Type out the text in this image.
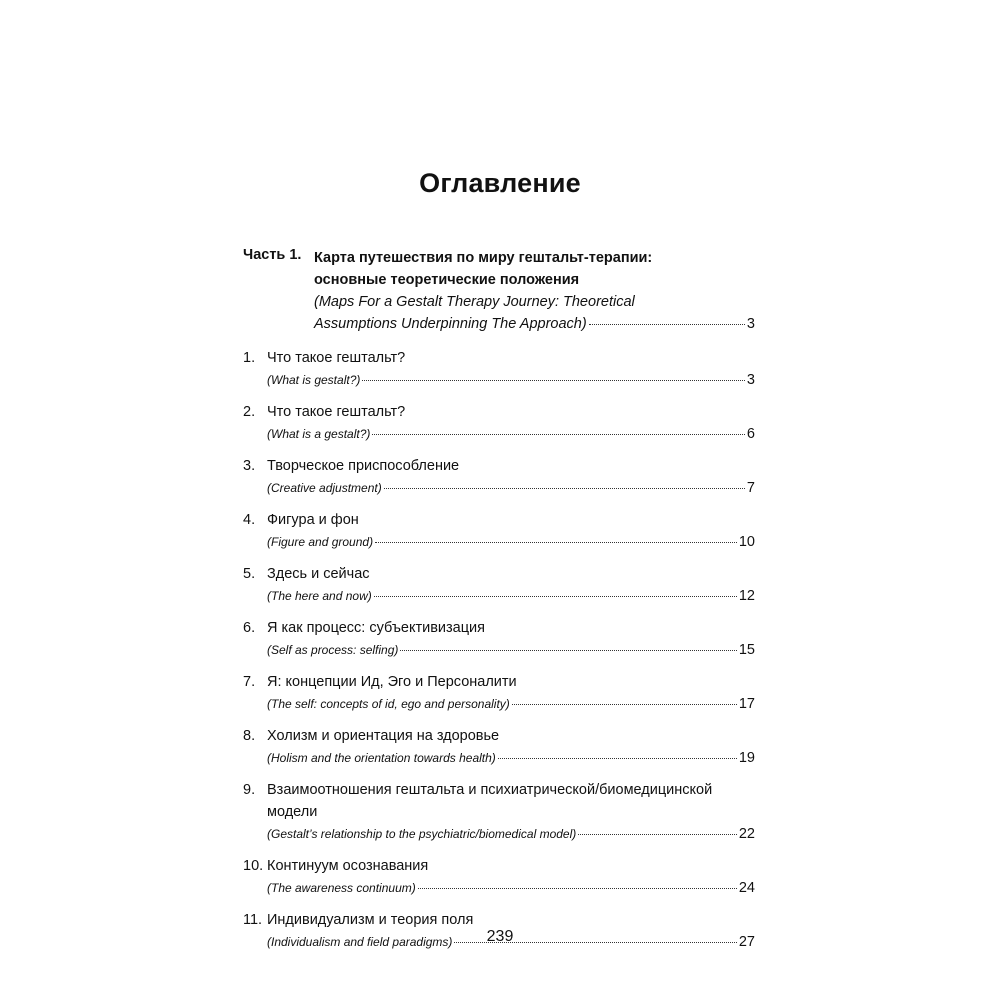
Оглавление
Часть 1. Карта путешествия по миру гештальт-терапии:
основные теоретические положения
(Maps For a Gestalt Therapy Journey: Theoretical
Assumptions Underpinning The Approach)	3
1. Что такое гештальт?
(What is gestalt?)	3
2. Что такое гештальт?
(What is a gestalt?)	6
3. Творческое приспособление
(Creative adjustment)	7
4. Фигура и фон
(Figure and ground)	10
5. Здесь и сейчас
(The here and now)	12
6. Я как процесс: субъективизация
(Self as process: selfing)	15
7. Я: концепции Ид, Эго и Персоналити
(The self: concepts of id, ego and personality)	17
8. Холизм и ориентация на здоровье
(Holism and the orientation towards health)	19
9. Взаимоотношения гештальта и психиатрической/биомедицинской
модели
(Gestalt’s relationship to the psychiatric/biomedical model)	22
10. Континуум осознавания
(The awareness continuum)	24
11. Индивидуализм и теория поля
(Individualism and field paradigms)	27
239
